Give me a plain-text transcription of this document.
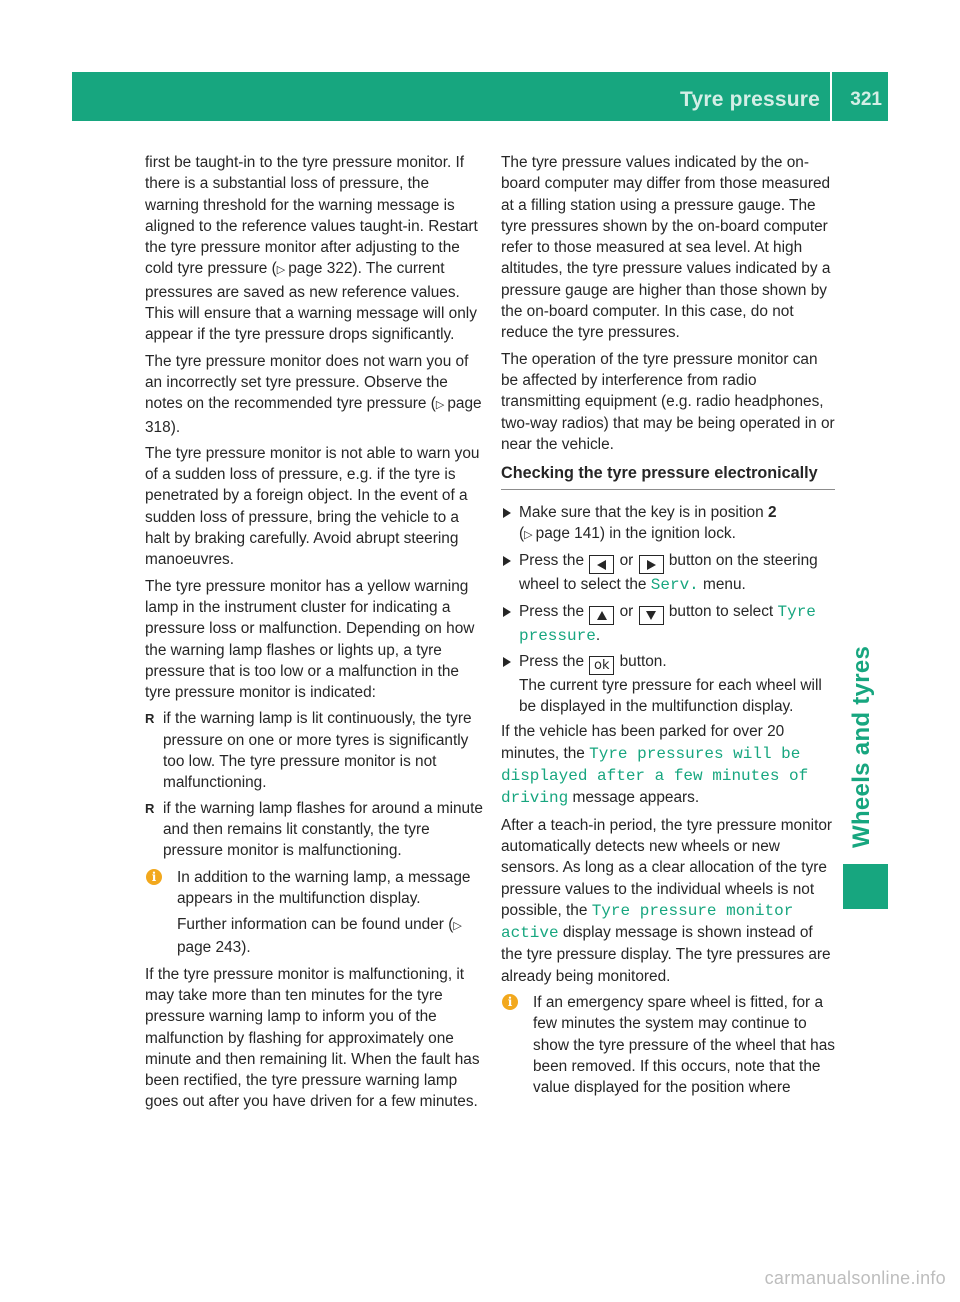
Tyre pressure 321
Wheels and tyres

first be taught-in to the tyre pressure monitor. If there is a substantial loss of pressure, the warning threshold for the warning message is aligned to the reference values taught-in. Restart the tyre pressure monitor after adjusting to the cold tyre pressure (▷ page 322). The current pressures are saved as new reference values. This will ensure that a warning message will only appear if the tyre pressure drops significantly.

The tyre pressure monitor does not warn you of an incorrectly set tyre pressure. Observe the notes on the recommended tyre pressure (▷ page 318).

The tyre pressure monitor is not able to warn you of a sudden loss of pressure, e.g. if the tyre is penetrated by a foreign object. In the event of a sudden loss of pressure, bring the vehicle to a halt by braking carefully. Avoid abrupt steering manoeuvres.

The tyre pressure monitor has a yellow warning lamp in the instrument cluster for indicating a pressure loss or malfunction. Depending on how the warning lamp flashes or lights up, a tyre pressure that is too low or a malfunction in the tyre pressure monitor is indicated:

R if the warning lamp is lit continuously, the tyre pressure on one or more tyres is significantly too low. The tyre pressure monitor is not malfunctioning.
R if the warning lamp flashes for around a minute and then remains lit constantly, the tyre pressure monitor is malfunctioning.
i	In addition to the warning lamp, a message appears in the multifunction display.

Further information can be found under (▷ page 243).

If the tyre pressure monitor is malfunctioning, it may take more than ten minutes for the tyre pressure warning lamp to inform you of the malfunction by flashing for approximately one minute and then remaining lit. When the fault has been rectified, the tyre pressure warning lamp goes out after you have driven for a few minutes.

The tyre pressure values indicated by the on-board computer may differ from those measured at a filling station using a pressure gauge. The tyre pressures shown by the on-board computer refer to those measured at sea level. At high altitudes, the tyre pressure values indicated by a pressure gauge are higher than those shown by the on-board computer. In this case, do not reduce the tyre pressures.

The operation of the tyre pressure monitor can be affected by interference from radio transmitting equipment (e.g. radio headphones, two-way radios) that may be being operated in or near the vehicle.

Checking the tyre pressure electronically
Make sure that the key is in position 2
(▷ page 141) in the ignition lock.
Press the  or  button on the steering wheel to select the Serv. menu.
Press the  or  button to select Tyre pressure.
Press the ok button.
The current tyre pressure for each wheel will be displayed in the multifunction display.

If the vehicle has been parked for over 20 minutes, the Tyre pressures will be displayed after a few minutes of driving message appears.

After a teach-in period, the tyre pressure monitor automatically detects new wheels or new sensors. As long as a clear allocation of the tyre pressure values to the individual wheels is not possible, the Tyre pressure monitor active display message is shown instead of the tyre pressure display. The tyre pressures are already being monitored.

i	If an emergency spare wheel is fitted, for a few minutes the system may continue to show the tyre pressure of the wheel that has been removed. If this occurs, note that the value displayed for the position where

carmanualsonline.info
